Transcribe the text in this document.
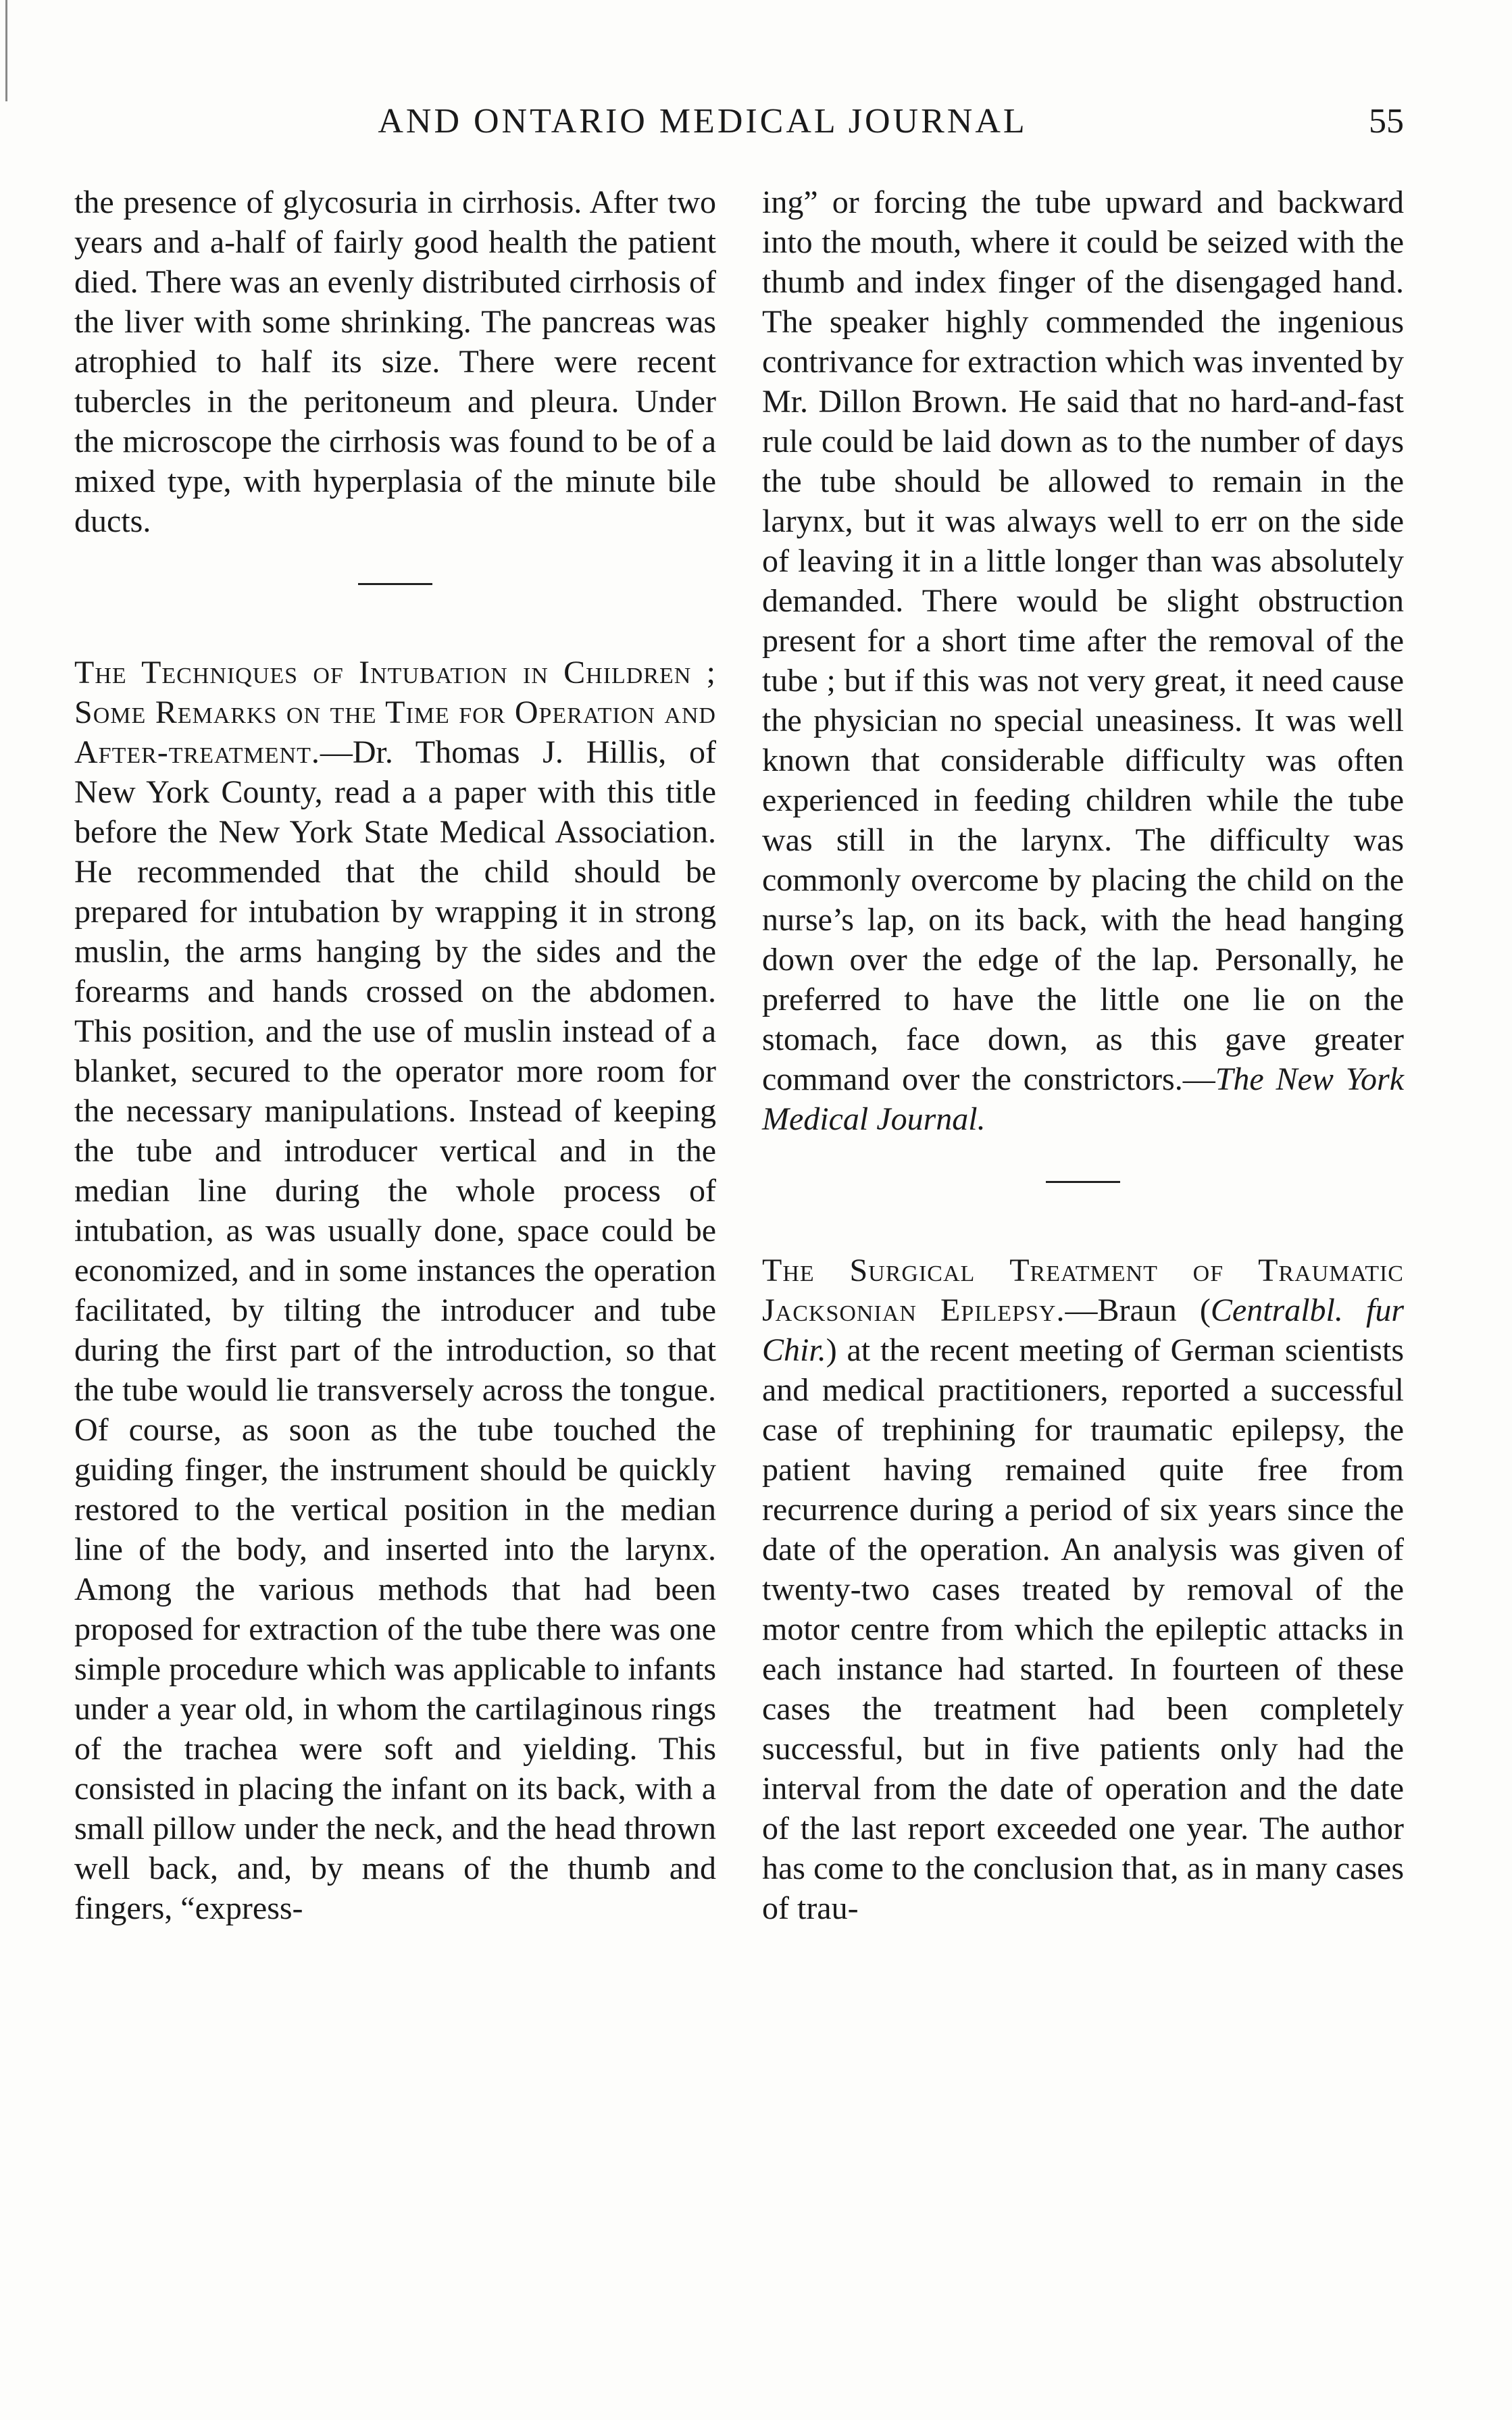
AND ONTARIO MEDICAL JOURNAL	55

the presence of glycosuria in cirrhosis. After two years and a-half of fairly good health the patient died. There was an evenly distributed cirrhosis of the liver with some shrinking. The pancreas was atrophied to half its size. There were recent tubercles in the peritoneum and pleura. Under the microscope the cirrhosis was found to be of a mixed type, with hyperplasia of the minute bile ducts.

The Techniques of Intubation in Children ; Some Remarks on the Time for Operation and After-treatment.—Dr. Thomas J. Hillis, of New York County, read a a paper with this title before the New York State Medical Association. He recommended that the child should be prepared for intubation by wrapping it in strong muslin, the arms hanging by the sides and the forearms and hands crossed on the abdomen. This position, and the use of muslin instead of a blanket, secured to the operator more room for the necessary manipulations. Instead of keeping the tube and introducer vertical and in the median line during the whole process of intubation, as was usually done, space could be economized, and in some instances the operation facilitated, by tilting the introducer and tube during the first part of the introduction, so that the tube would lie transversely across the tongue. Of course, as soon as the tube touched the guiding finger, the instrument should be quickly restored to the vertical position in the median line of the body, and inserted into the larynx. Among the various methods that had been proposed for extraction of the tube there was one simple procedure which was applicable to infants under a year old, in whom the cartilaginous rings of the trachea were soft and yielding. This consisted in placing the infant on its back, with a small pillow under the neck, and the head thrown well back, and, by means of the thumb and fingers, “express-

ing” or forcing the tube upward and backward into the mouth, where it could be seized with the thumb and index finger of the disengaged hand. The speaker highly commended the ingenious contrivance for extraction which was invented by Mr. Dillon Brown. He said that no hard-and-fast rule could be laid down as to the number of days the tube should be allowed to remain in the larynx, but it was always well to err on the side of leaving it in a little longer than was absolutely demanded. There would be slight obstruction present for a short time after the removal of the tube ; but if this was not very great, it need cause the physician no special uneasiness. It was well known that considerable difficulty was often experienced in feeding children while the tube was still in the larynx. The difficulty was commonly overcome by placing the child on the nurse’s lap, on its back, with the head hanging down over the edge of the lap. Personally, he preferred to have the little one lie on the stomach, face down, as this gave greater command over the constrictors.—The New York Medical Journal.

The Surgical Treatment of Traumatic Jacksonian Epilepsy.—Braun (Centralbl. fur Chir.) at the recent meeting of German scientists and medical practitioners, reported a successful case of trephining for traumatic epilepsy, the patient having remained quite free from recurrence during a period of six years since the date of the operation. An analysis was given of twenty-two cases treated by removal of the motor centre from which the epileptic attacks in each instance had started. In fourteen of these cases the treatment had been completely successful, but in five patients only had the interval from the date of operation and the date of the last report exceeded one year. The author has come to the conclusion that, as in many cases of trau-
